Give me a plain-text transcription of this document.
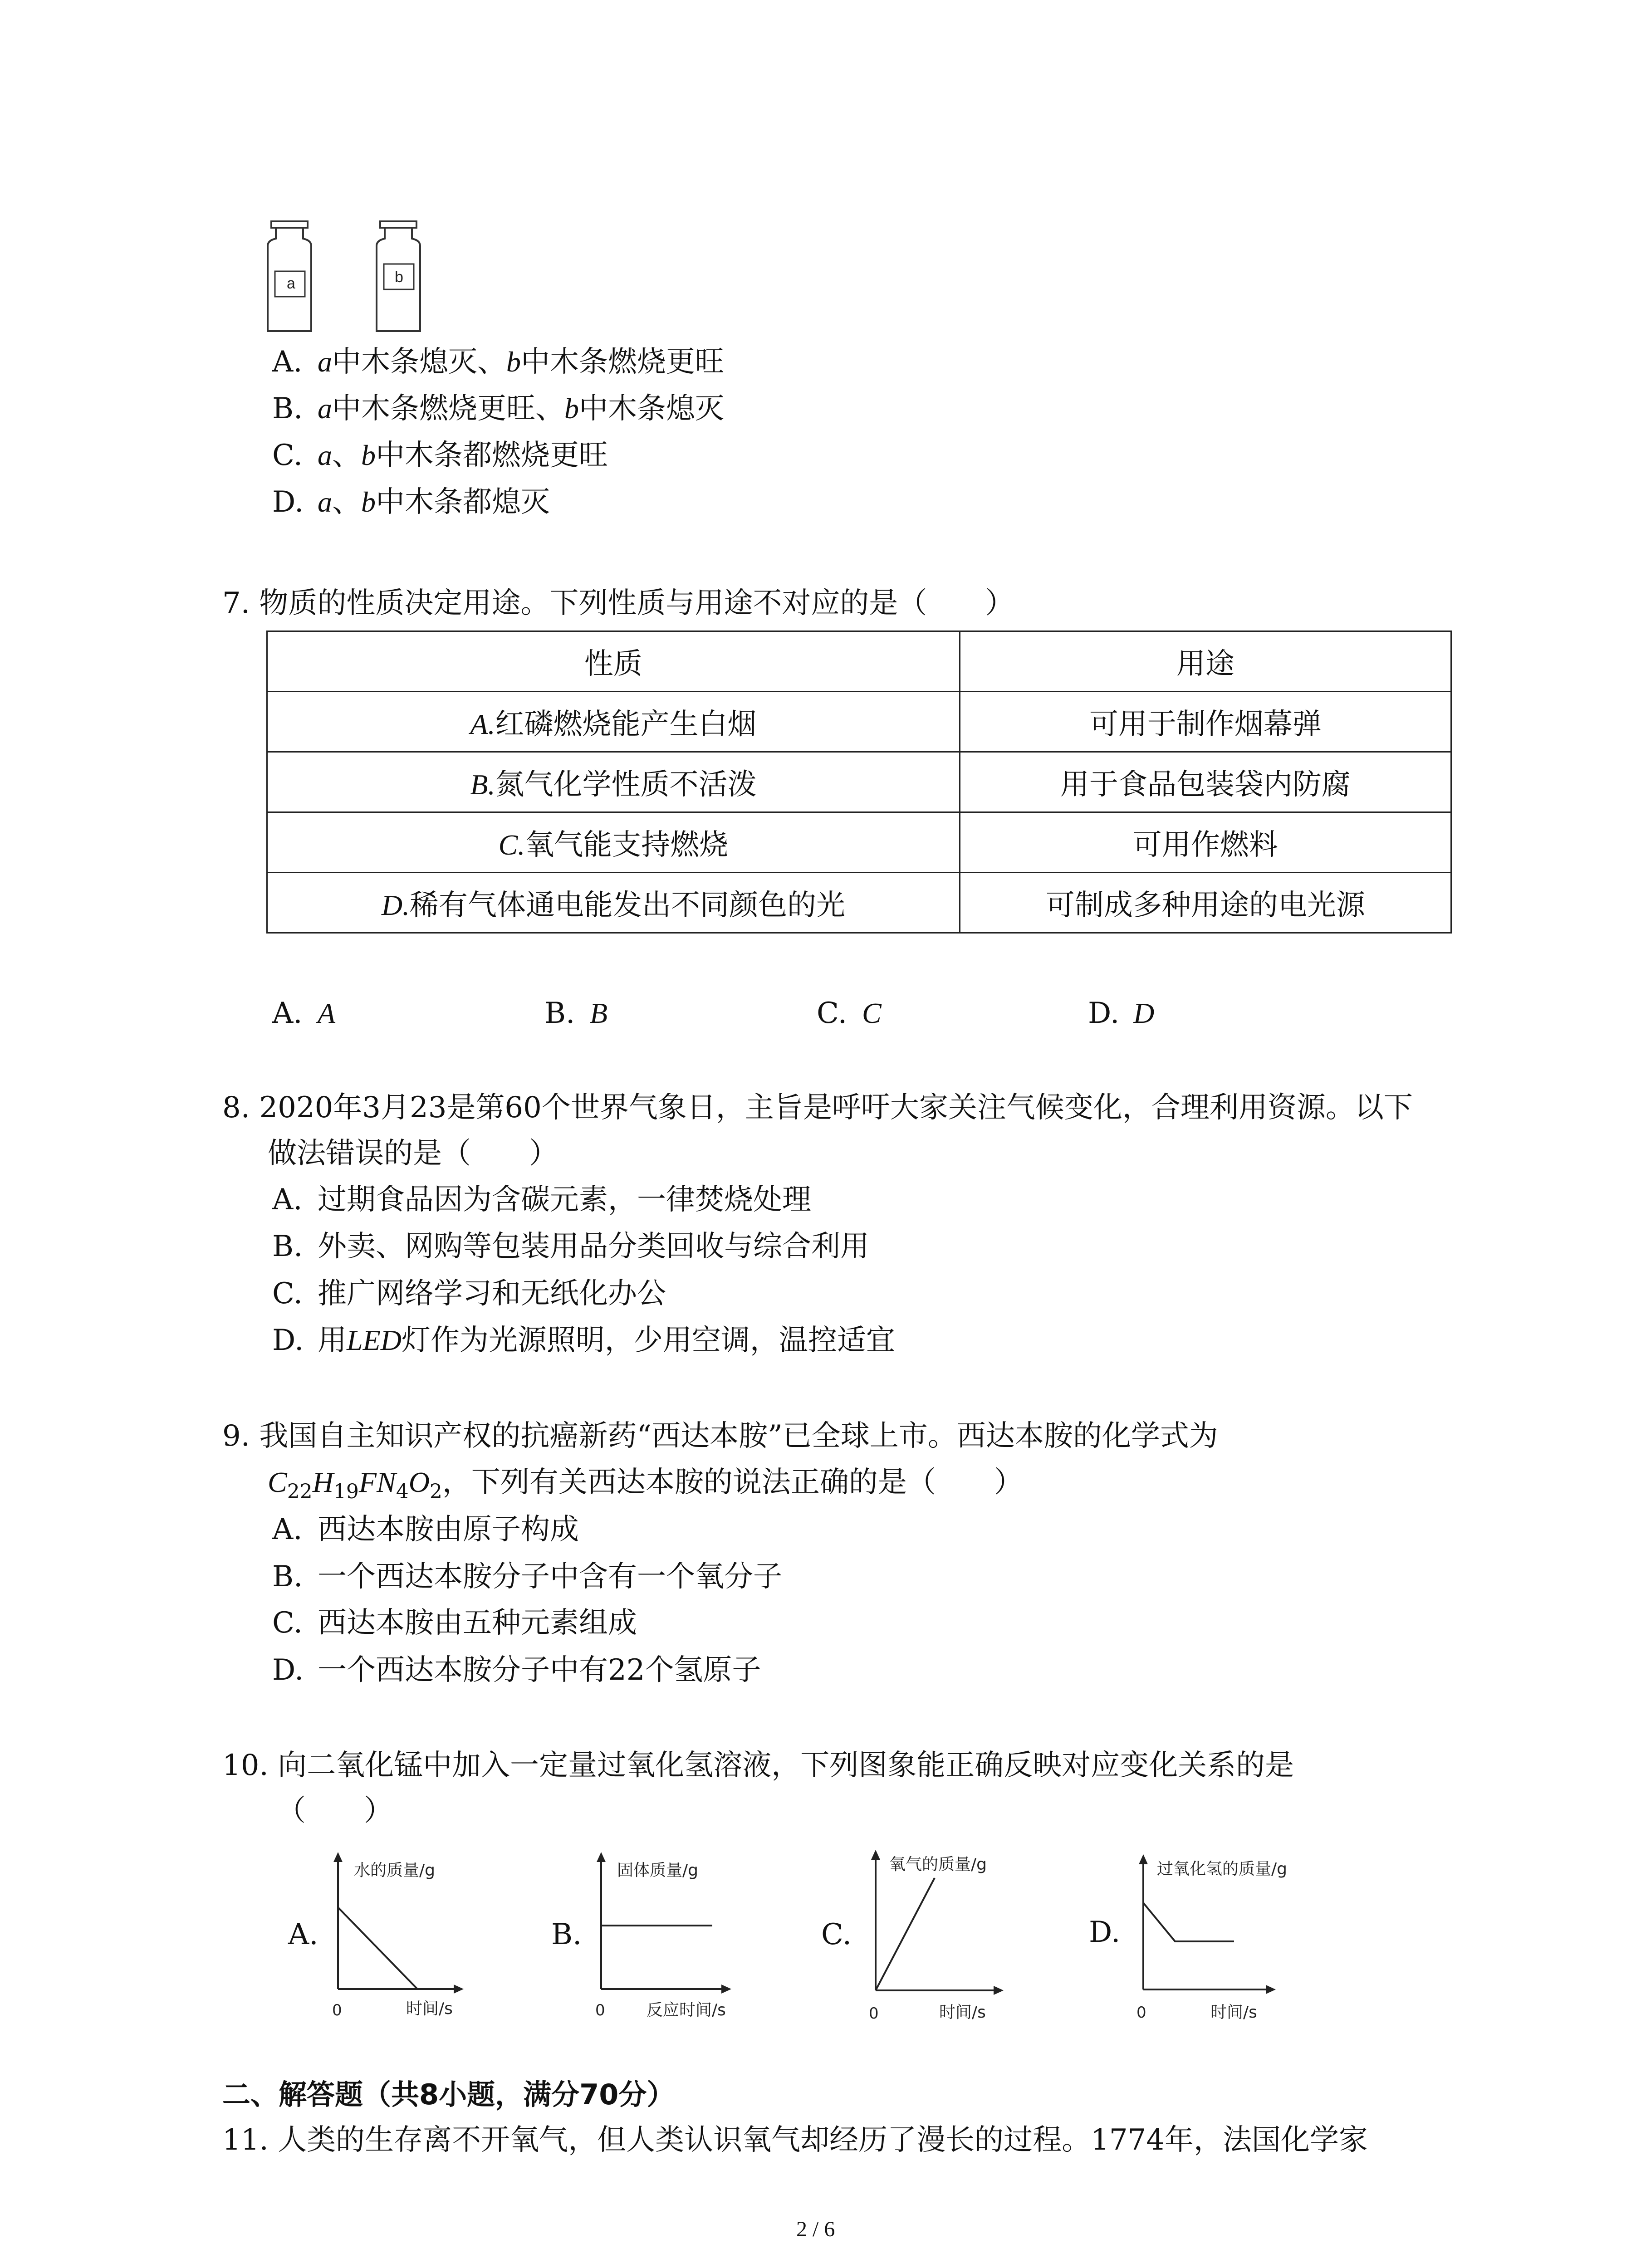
a	b
A. a中木条熄灭、b中木条燃烧更旺
B. a中木条燃烧更旺、b中木条熄灭
C. a、b中木条都燃烧更旺
D. a、b中木条都熄灭
7. 物质的性质决定用途。下列性质与用途不对应的是（　　）
性质	用途
A.红磷燃烧能产生白烟	可用于制作烟幕弹
B.氮气化学性质不活泼	用于食品包装袋内防腐
C.氧气能支持燃烧	可用作燃料
D.稀有气体通电能发出不同颜色的光	可制成多种用途的电光源
A. A	B. B	C. C	D. D
8. 2020年3月23是第60个世界气象日，主旨是呼吁大家关注气候变化，合理利用资源。以下
做法错误的是（　　）
A. 过期食品因为含碳元素，一律焚烧处理
B. 外卖、网购等包装用品分类回收与综合利用
C. 推广网络学习和无纸化办公
D. 用LED灯作为光源照明，少用空调，温控适宜
9. 我国自主知识产权的抗癌新药“西达本胺”已全球上市。西达本胺的化学式为
$C_{22}H_{19}FN_4O_2$，下列有关西达本胺的说法正确的是（　　）
A. 西达本胺由原子构成
B. 一个西达本胺分子中含有一个氧分子
C. 西达本胺由五种元素组成
D. 一个西达本胺分子中有22个氢原子
10. 向二氧化锰中加入一定量过氧化氢溶液，下列图象能正确反映对应变化关系的是
（　　）
A.
水的质量/g
0	时间/s
B.
固体质量/g
0	反应时间/s
C.
氧气的质量/g
0	时间/s
D.
过氧化氢的质量/g
0	时间/s
二、解答题（共8小题，满分70分）
11. 人类的生存离不开氧气，但人类认识氧气却经历了漫长的过程。1774年，法国化学家
2 / 6
